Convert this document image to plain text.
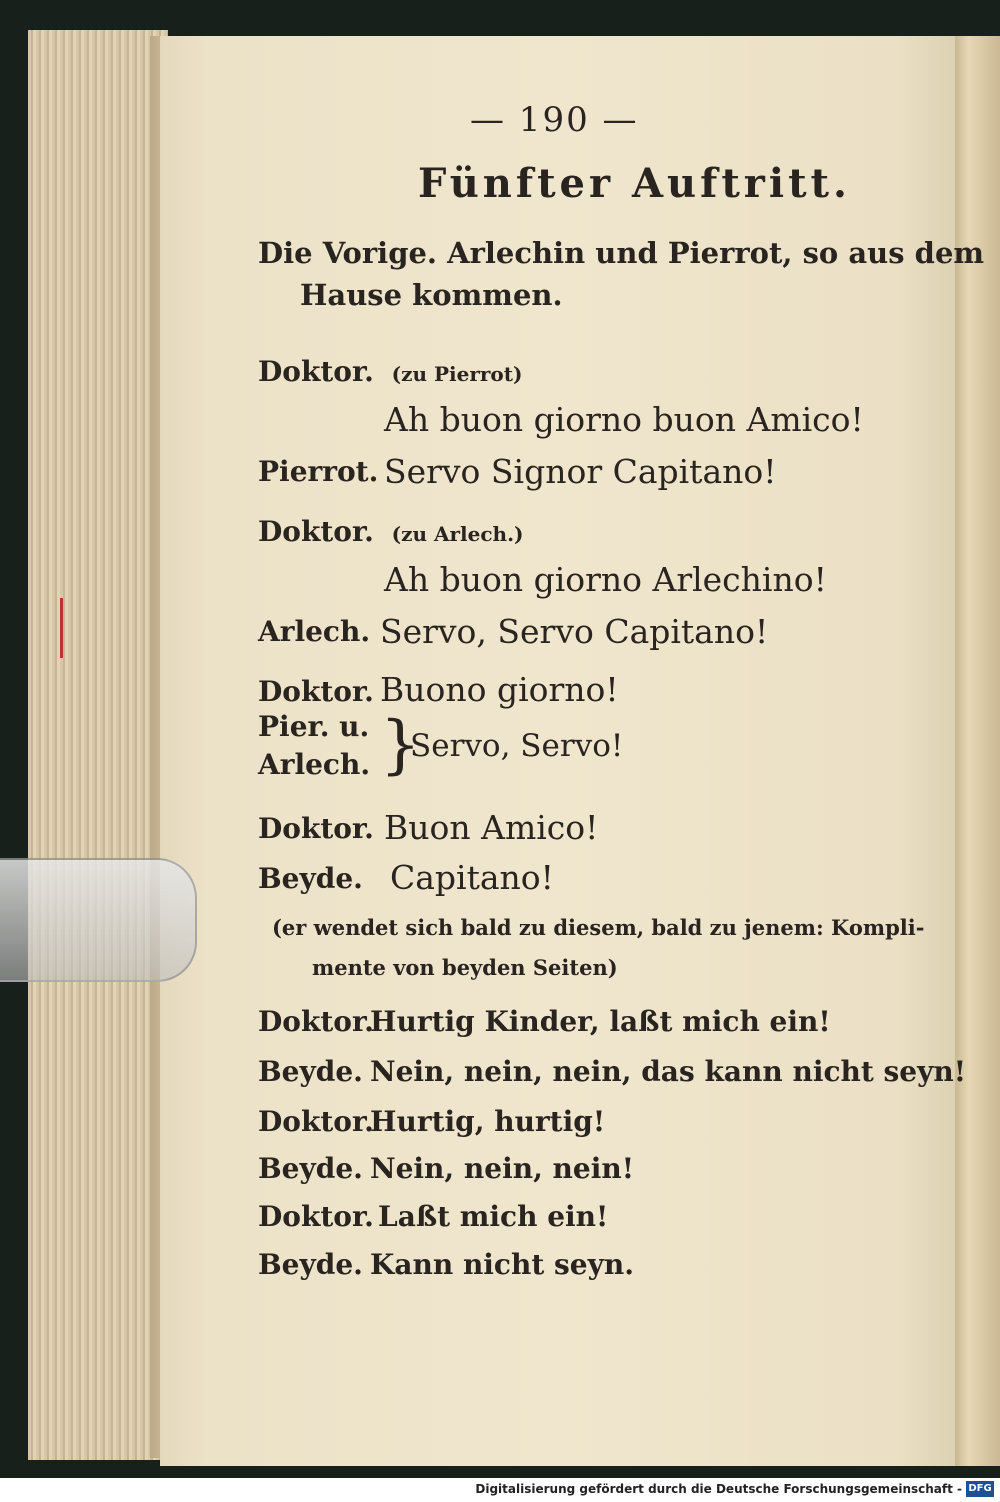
— 190 —
Fünfter Auftritt.
Die Vorige. Arlechin und Pierrot, so aus dem
Hause kommen.
Doktor. (zu Pierrot)
Ah buon giorno buon Amico!
Pierrot. Servo Signor Capitano!
Doktor. (zu Arlech.)
Ah buon giorno Arlechino!
Arlech. Servo, Servo Capitano!
Doktor. Buono giorno!
Pier. u.
Arlech. }
Servo, Servo!
Doktor. Buon Amico!
Beyde. Capitano!
(er wendet sich bald zu diesem, bald zu jenem: Kompli-
mente von beyden Seiten)
Doktor.
Hurtig Kinder, laßt mich ein!
Beyde. Nein, nein, nein, das kann nicht seyn!
Doktor.
Hurtig, hurtig!
Beyde. Nein, nein, nein!
Doktor. Laßt mich ein!
Beyde. Kann nicht seyn.
Digitalisierung gefördert durch die Deutsche Forschungsgemeinschaft - DFG
